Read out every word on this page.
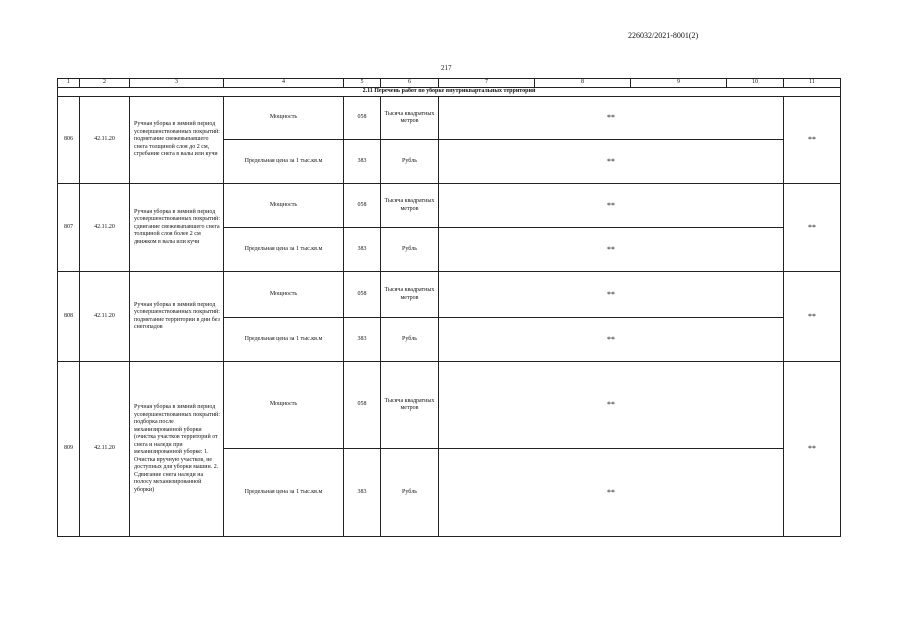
226032/2021-8001(2)
217
1	2	3	4	5	6	7	8	9	10	11
2.11 Перечень работ по уборке внутриквартальных территорий										
806	42.11.20	Ручная уборка в зимний период усовершенствованных покрытий: подметание свежевыпавшего снега толщиной слоя до 2 см, сгребание снега в валы или кучи	Мощность	058	Тысяча квадратных метров	**				**
			Предельная цена за 1 тыс.кв.м	383	Рубль	**				
807	42.11.20	Ручная уборка в зимний период усовершенствованных покрытий: сдвигание свежевыпавшего снега толщиной слоя более 2 см движком в валы или кучи	Мощность	058	Тысяча квадратных метров	**				**
			Предельная цена за 1 тыс.кв.м	383	Рубль	**				
808	42.11.20	Ручная уборка в зимний период усовершенствованных покрытий: подметание территории в дни без снегопадов	Мощность	058	Тысяча квадратных метров	**				**
			Предельная цена за 1 тыс.кв.м	383	Рубль	**				
809	42.11.20	Ручная уборка в зимний период усовершенствованных покрытий: подборка после механизированной уборки (очистка участков территорий от снега и наледи при механизированной уборке: 1. Очистка вручную участков, не доступных для уборки машин. 2. Сдвигание снега наледи на полосу механизированной уборки)	Мощность	058	Тысяча квадратных метров	**				**
			Предельная цена за 1 тыс.кв.м	383	Рубль	**				
